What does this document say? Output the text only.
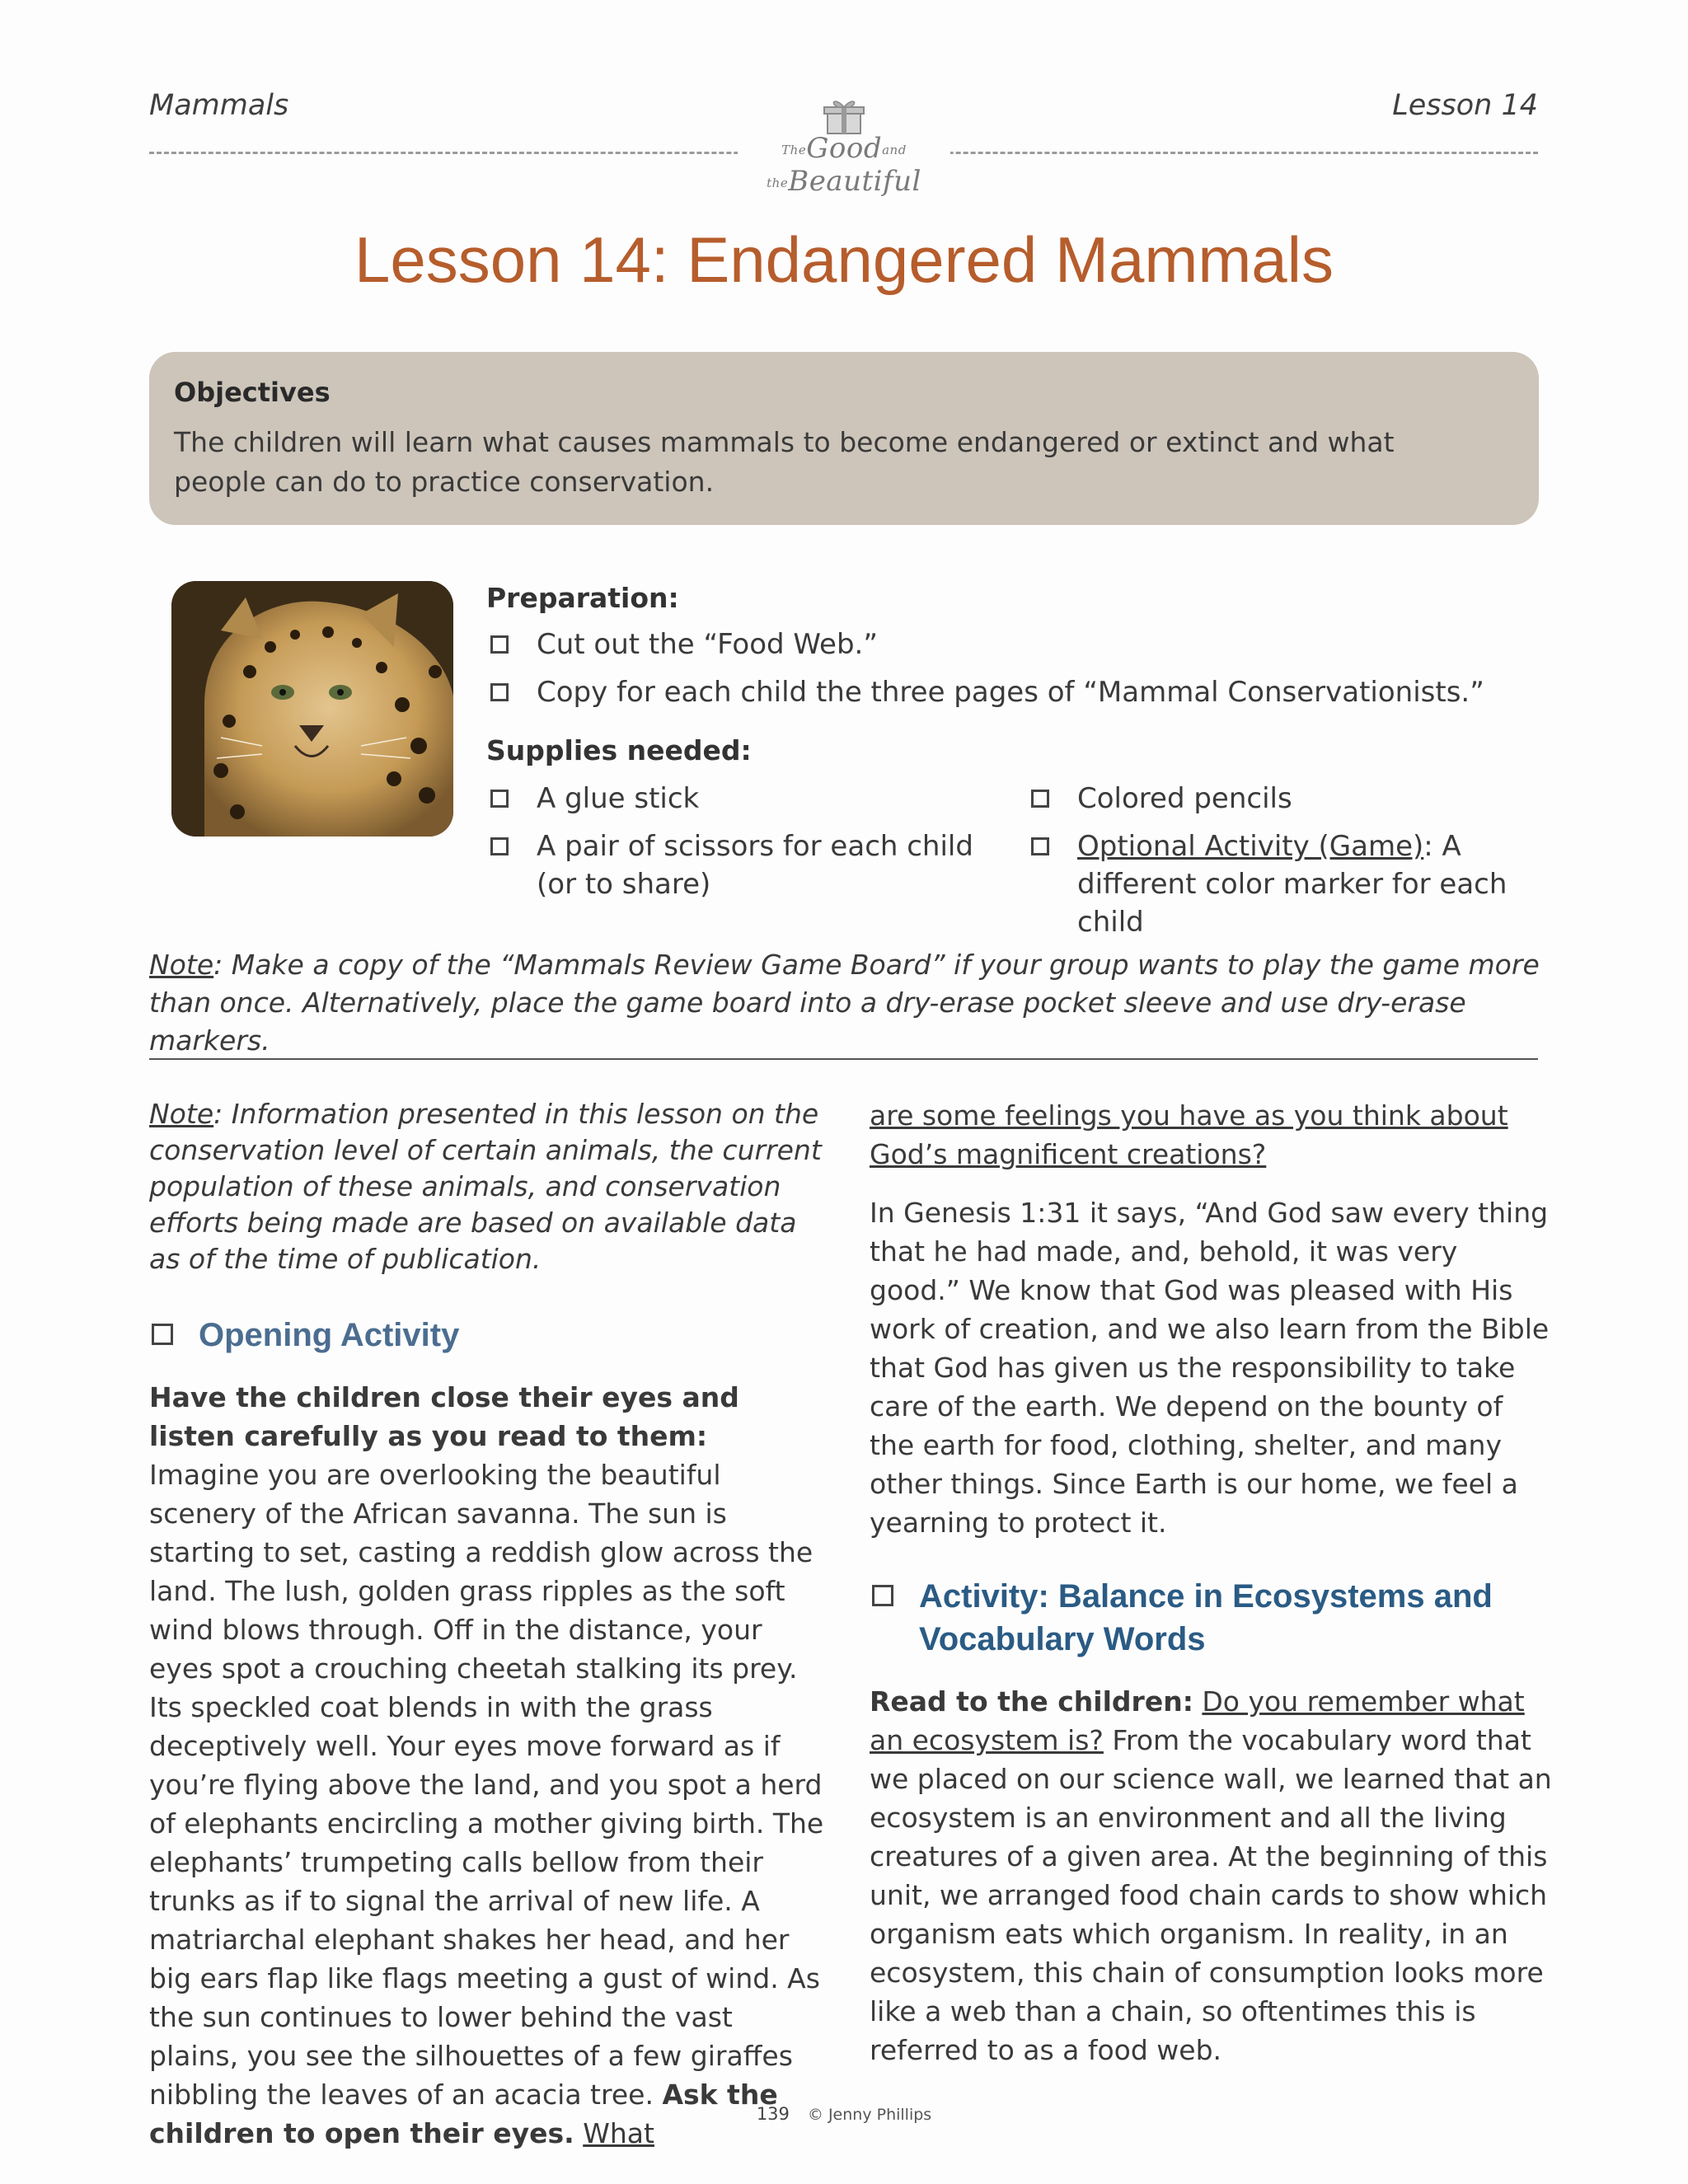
Mammals	Lesson 14
TheGoodand theBeautiful
Lesson 14: Endangered Mammals

Objectives

The children will learn what causes mammals to become endangered or extinct and what people can do to practice conservation.

Preparation:

Cut out the “Food Web.”
Copy for each child the three pages of “Mammal Conservationists.”

Supplies needed:

A glue stick
A pair of scissors for each child (or to share)
Colored pencils
Optional Activity (Game): A different color marker for each child

Note: Make a copy of the “Mammals Review Game Board” if your group wants to play the game more than once. Alternatively, place the game board into a dry-erase pocket sleeve and use dry-erase markers.

Note: Information presented in this lesson on the conservation level of certain animals, the current population of these animals, and conservation efforts being made are based on available data as of the time of publication.

Opening Activity

Have the children close their eyes and listen carefully as you read to them: Imagine you are overlooking the beautiful scenery of the African savanna. The sun is starting to set, casting a reddish glow across the land. The lush, golden grass ripples as the soft wind blows through. Off in the distance, your eyes spot a crouching cheetah stalking its prey. Its speckled coat blends in with the grass deceptively well. Your eyes move forward as if you’re flying above the land, and you spot a herd of elephants encircling a mother giving birth. The elephants’ trumpeting calls bellow from their trunks as if to signal the arrival of new life. A matriarchal elephant shakes her head, and her big ears flap like flags meeting a gust of wind. As the sun continues to lower behind the vast plains, you see the silhouettes of a few giraffes nibbling the leaves of an acacia tree. Ask the children to open their eyes. What

are some feelings you have as you think about God’s magnificent creations?

In Genesis 1:31 it says, “And God saw every thing that he had made, and, behold, it was very good.” We know that God was pleased with His work of creation, and we also learn from the Bible that God has given us the responsibility to take care of the earth. We depend on the bounty of the earth for food, clothing, shelter, and many other things. Since Earth is our home, we feel a yearning to protect it.

Activity: Balance in Ecosystems and Vocabulary Words

Read to the children: Do you remember what an ecosystem is? From the vocabulary word that we placed on our science wall, we learned that an ecosystem is an environment and all the living creatures of a given area. At the beginning of this unit, we arranged food chain cards to show which organism eats which organism. In reality, in an ecosystem, this chain of consumption looks more like a web than a chain, so oftentimes this is referred to as a food web.

139 © Jenny Phillips
